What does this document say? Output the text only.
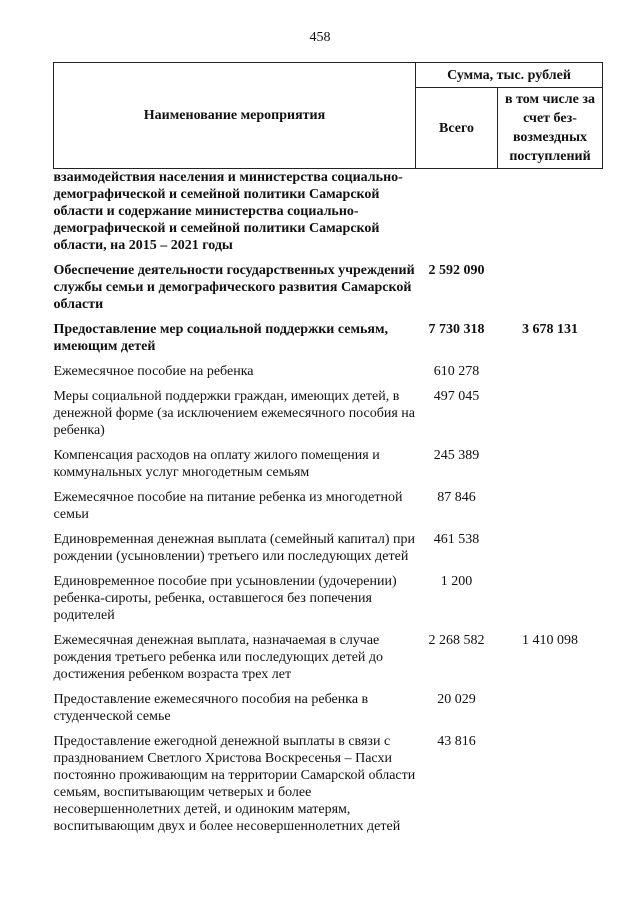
458
Наименование мероприятия	Сумма, тыс. рублей	
	Всего	в том числе за счет без-возмездных поступлений
взаимодействия населения и министерства социально-демографической и семейной политики Самарской области и содержание министерства социально-демографической и семейной политики Самарской области, на 2015 – 2021 годы		
Обеспечение деятельности государственных учреждений службы семьи и демографического развития Самарской области	2 592 090	
Предоставление мер социальной поддержки семьям, имеющим детей	7 730 318	3 678 131
Ежемесячное пособие на ребенка	610 278	
Меры социальной поддержки граждан, имеющих детей, в денежной форме (за исключением ежемесячного пособия на ребенка)	497 045	
Компенсация расходов на оплату жилого помещения и коммунальных услуг многодетным семьям	245 389	
Ежемесячное пособие на питание ребенка из многодетной семьи	87 846	
Единовременная денежная выплата (семейный капитал) при рождении (усыновлении) третьего или последующих детей	461 538	
Единовременное пособие при усыновлении (удочерении) ребенка-сироты, ребенка, оставшегося без попечения родителей	1 200	
Ежемесячная денежная выплата, назначаемая в случае рождения третьего ребенка или последующих детей до достижения ребенком возраста трех лет	2 268 582	1 410 098
Предоставление ежемесячного пособия на ребенка в студенческой семье	20 029	
Предоставление ежегодной денежной выплаты в связи с празднованием Светлого Христова Воскресенья – Пасхи постоянно проживающим на территории Самарской области семьям, воспитывающим четверых и более несовершеннолетних детей, и одиноким матерям, воспитывающим двух и более несовершеннолетних детей	43 816	
